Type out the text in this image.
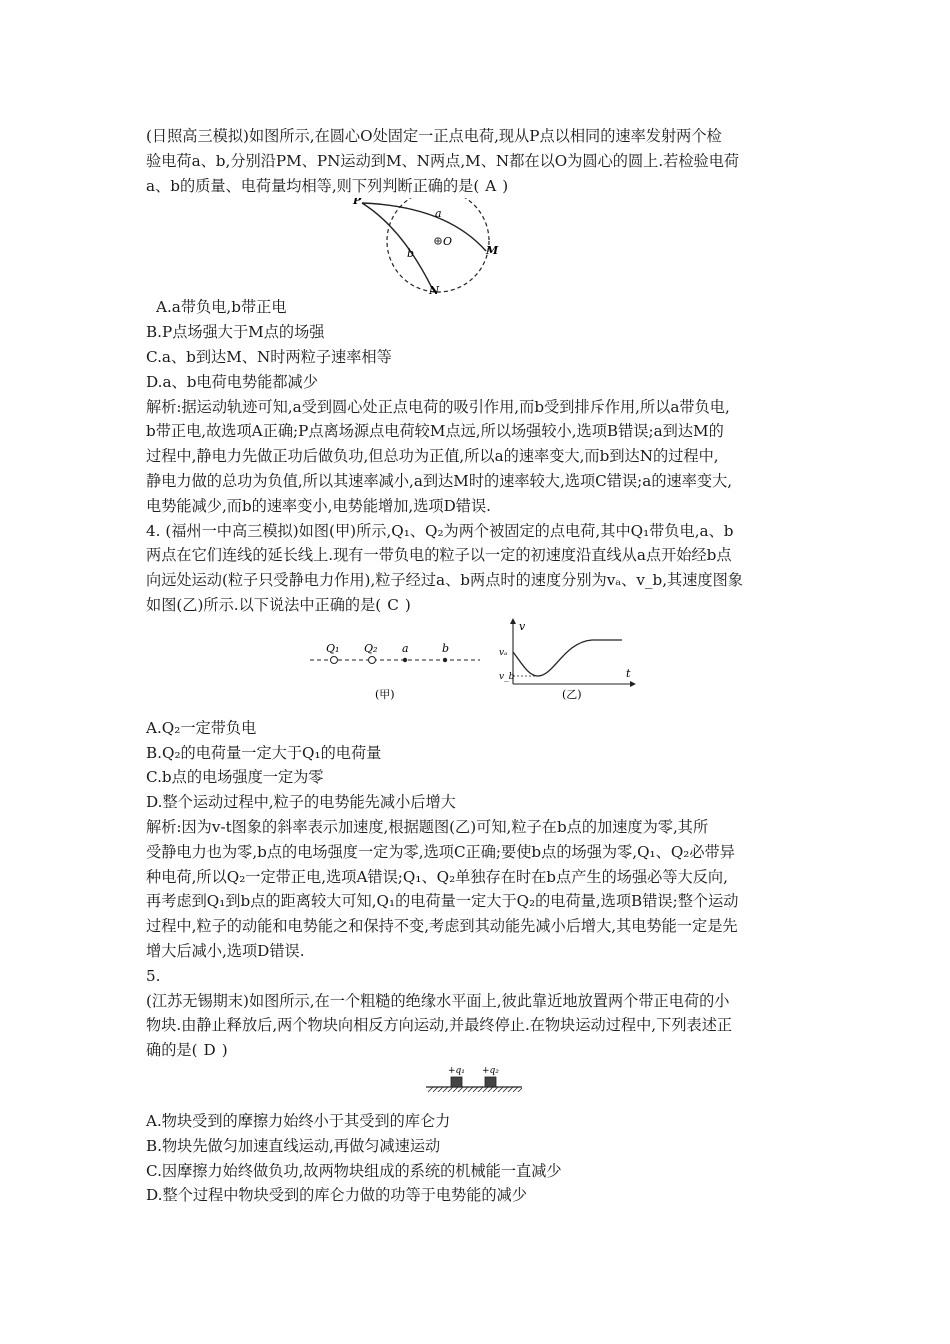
(日照高三模拟)如图所示,在圆心O处固定一正点电荷,现从P点以相同的速率发射两个检
验电荷a、b,分别沿PM、PN运动到M、N两点,M、N都在以O为圆心的圆上.若检验电荷
a、b的质量、电荷量均相等,则下列判断正确的是( A )
P
a
b
O
M
N
A.a带负电,b带正电
B.P点场强大于M点的场强
C.a、b到达M、N时两粒子速率相等
D.a、b电荷电势能都减少
解析:据运动轨迹可知,a受到圆心处正点电荷的吸引作用,而b受到排斥作用,所以a带负电,
b带正电,故选项A正确;P点离场源点电荷较M点远,所以场强较小,选项B错误;a到达M的
过程中,静电力先做正功后做负功,但总功为正值,所以a的速率变大,而b到达N的过程中,
静电力做的总功为负值,所以其速率减小,a到达M时的速率较大,选项C错误;a的速率变大,
电势能减少,而b的速率变小,电势能增加,选项D错误.
4. (福州一中高三模拟)如图(甲)所示,Q₁、Q₂为两个被固定的点电荷,其中Q₁带负电,a、b
两点在它们连线的延长线上.现有一带负电的粒子以一定的初速度沿直线从a点开始经b点
向远处运动(粒子只受静电力作用),粒子经过a、b两点时的速度分别为vₐ、v_b,其速度图象
如图(乙)所示.以下说法中正确的是( C )
Q₁ Q₂ a	b
(甲)
v
t
vₐ
v_b
(乙)
A.Q₂一定带负电
B.Q₂的电荷量一定大于Q₁的电荷量
C.b点的电场强度一定为零
D.整个运动过程中,粒子的电势能先减小后增大
解析:因为v-t图象的斜率表示加速度,根据题图(乙)可知,粒子在b点的加速度为零,其所
受静电力也为零,b点的电场强度一定为零,选项C正确;要使b点的场强为零,Q₁、Q₂必带异
种电荷,所以Q₂一定带正电,选项A错误;Q₁、Q₂单独存在时在b点产生的场强必等大反向,
再考虑到Q₁到b点的距离较大可知,Q₁的电荷量一定大于Q₂的电荷量,选项B错误;整个运动
过程中,粒子的动能和电势能之和保持不变,考虑到其动能先减小后增大,其电势能一定是先
增大后减小,选项D错误.
5.
(江苏无锡期末)如图所示,在一个粗糙的绝缘水平面上,彼此靠近地放置两个带正电荷的小
物块.由静止释放后,两个物块向相反方向运动,并最终停止.在物块运动过程中,下列表述正
确的是( D )
+q₁ +q₂
A.物块受到的摩擦力始终小于其受到的库仑力
B.物块先做匀加速直线运动,再做匀减速运动
C.因摩擦力始终做负功,故两物块组成的系统的机械能一直减少
D.整个过程中物块受到的库仑力做的功等于电势能的减少
